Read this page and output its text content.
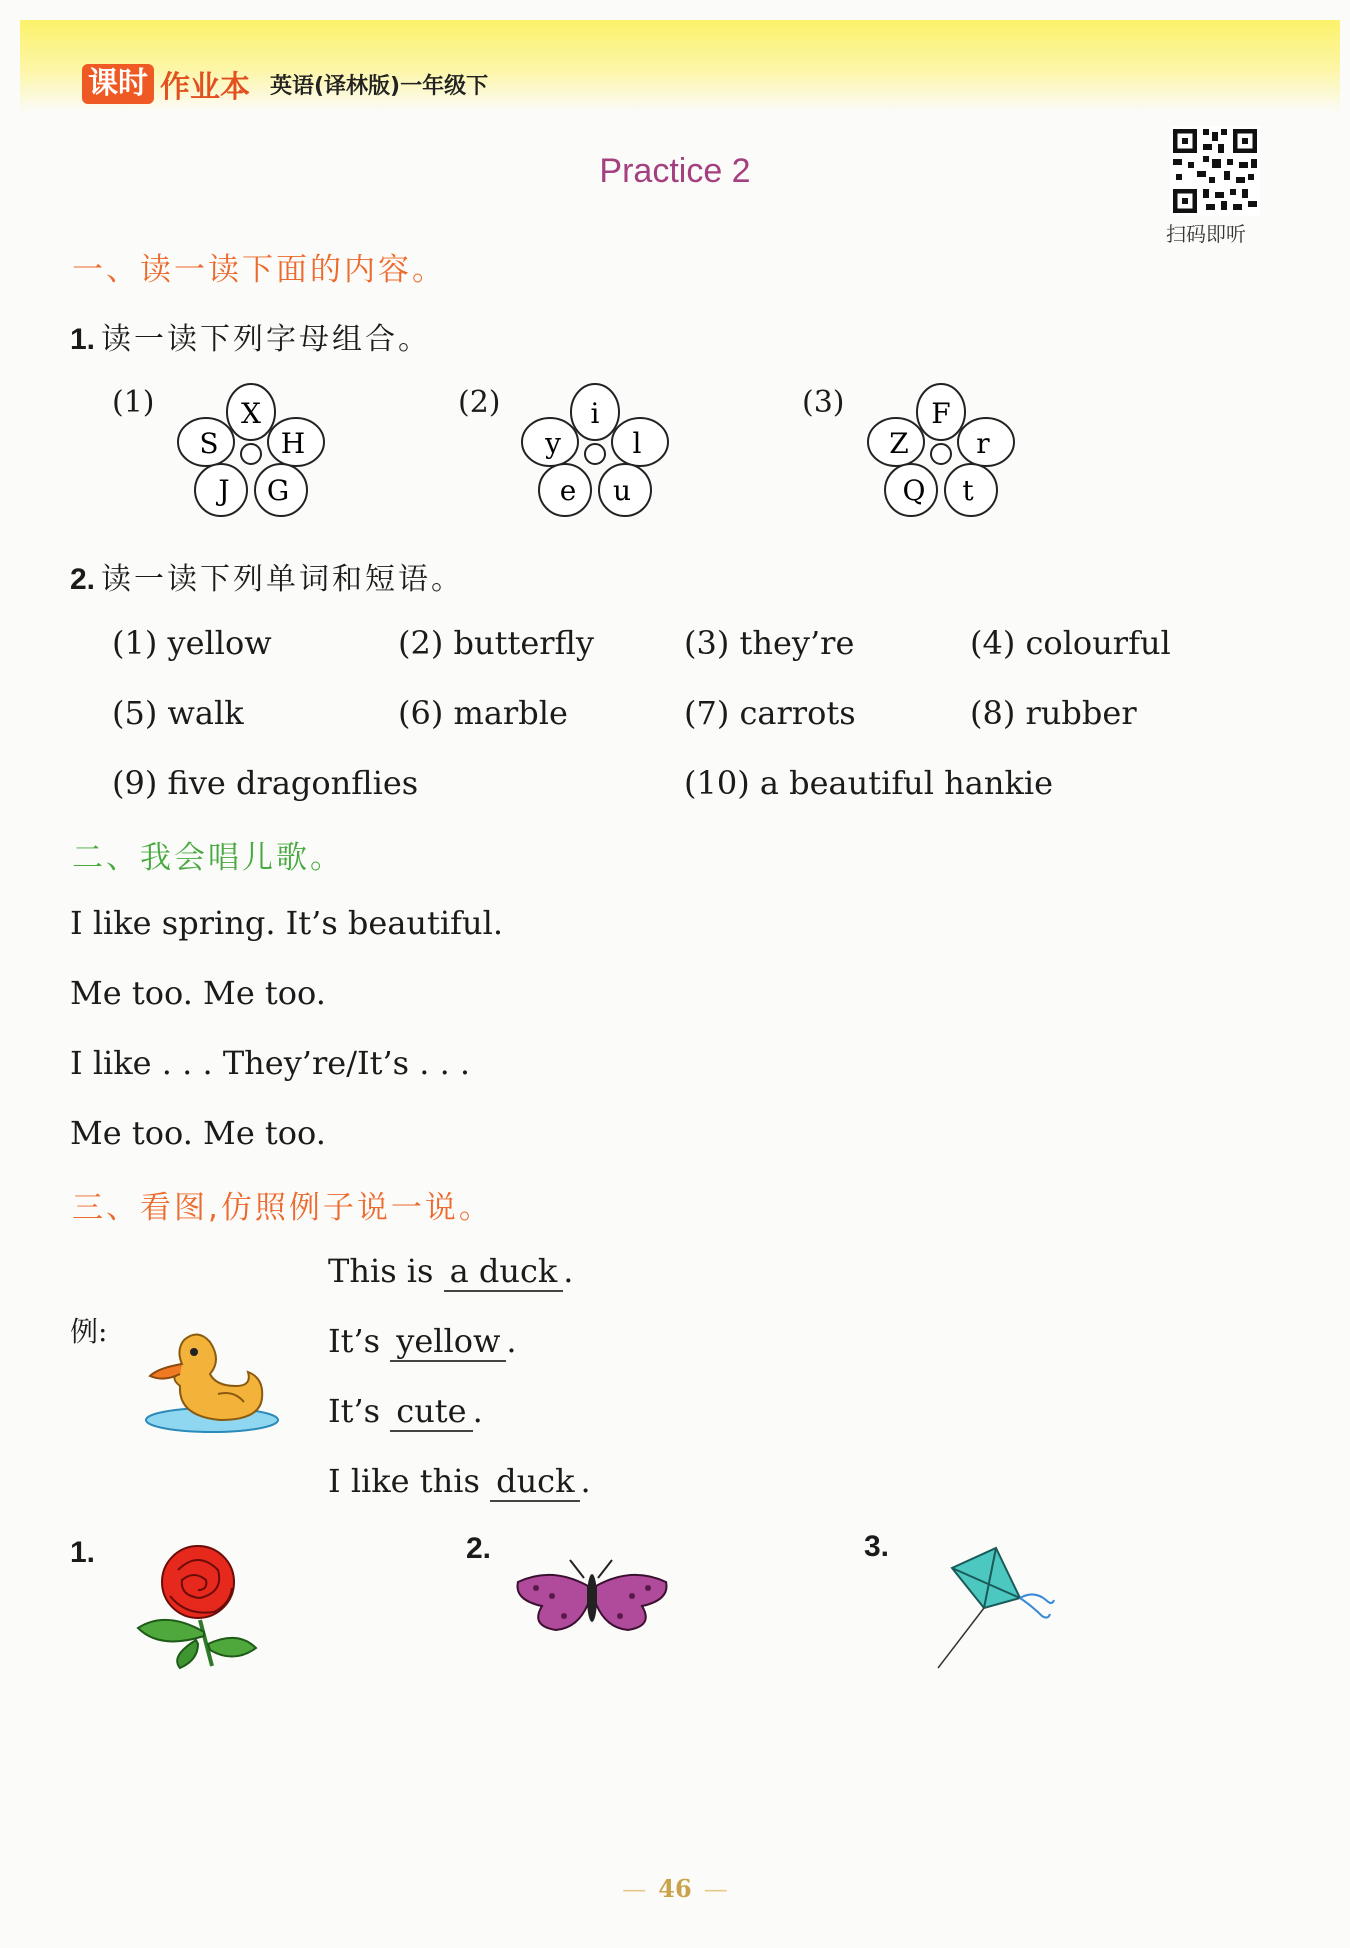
课时 作业本 英语(译林版)一年级下
Practice 2
扫码即听
一、读一读下面的内容。
1. 读一读下列字母组合。
(1)	X
S H
J G
(2)	i
y	l
e u
(3)	F
Z r
Q t
2. 读一读下列单词和短语。
(1) yellow	(2) butterfly	(3) they’re	(4) colourful
(5) walk	(6) marble	(7) carrots	(8) rubber
(9) five dragonflies	(10) a beautiful hankie
二、我会唱儿歌。
I like spring. It’s beautiful.
Me too. Me too.
I like . . . They’re/It’s . . .
Me too. Me too.
三、看图,仿照例子说一说。
例:
This is a duck .
It’s yellow .
It’s cute .
I like this duck .
1.	2.	3.
— 46 —
